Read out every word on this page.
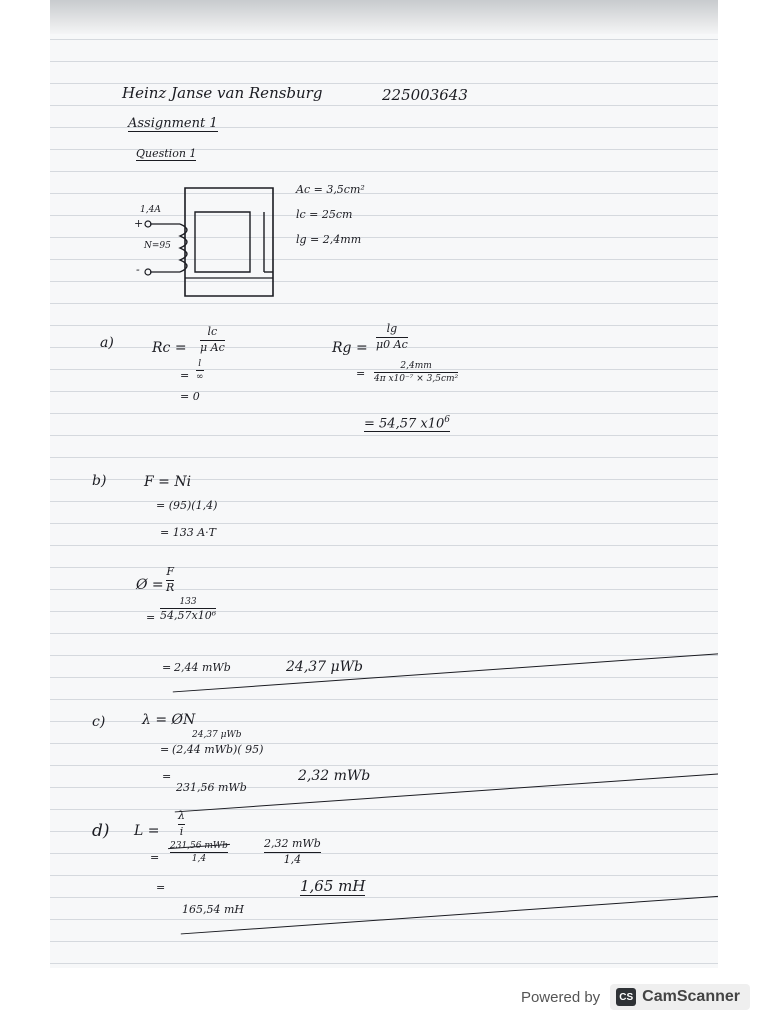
Heinz Janse van Rensburg	225003643
Assignment 1
Question 1
1,4A
+
N=95
-
Ac = 3,5cm²
lc = 25cm
lg = 2,4mm
a)	Rc =
lc
μ Ac
=
l
∞
= 0
Rg =
lg
μ0 Ac
=
2,4mm
4π x10⁻⁷ × 3,5cm²
= 54,57 $x10^6$
b)	F = Ni
= (95)(1,4)
= 133 A·T
Ø =
F
R
=
133
54,57x10⁶
= 2,44 mWb	24,37 μWb
c)	λ = ØN
24,37 μWb
= (2,44 mWb)( 95)
=
231,56 mWb
2,32 mWb
d) L =
λ
i
=
231,56 mWb
1,4
2,32 mWb
1,4
=
165,54 mH
1,65 mH
Powered by	CS CamScanner
